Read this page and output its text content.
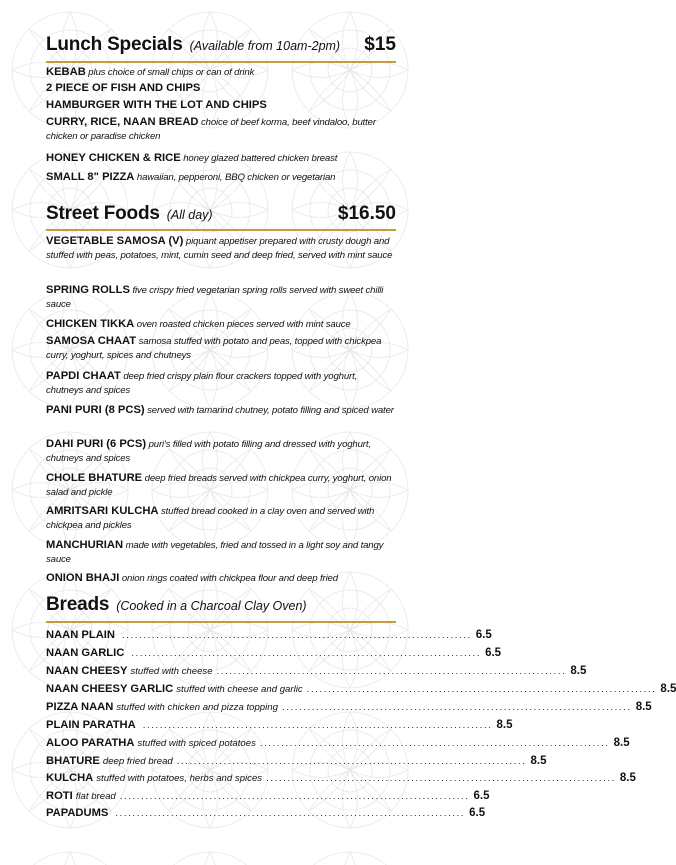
Lunch Specials (Available from 10am-2pm) $15
KEBAB plus choice of small chips or can of drink
2 PIECE OF FISH AND CHIPS
HAMBURGER WITH THE LOT AND CHIPS
CURRY, RICE, NAAN BREAD choice of beef korma, beef vindaloo, butter chicken or paradise chicken
HONEY CHICKEN & RICE honey glazed battered chicken breast
SMALL 8" PIZZA hawaiian, pepperoni, BBQ chicken or vegetarian
Street Foods (All day)	$16.50
VEGETABLE SAMOSA (V) piquant appetiser prepared with crusty dough and stuffed with peas, potatoes, mint, cumin seed and deep fried, served with mint sauce
SPRING ROLLS five crispy fried vegetarian spring rolls served with sweet chilli sauce
CHICKEN TIKKA oven roasted chicken pieces served with mint sauce
SAMOSA CHAAT samosa stuffed with potato and peas, topped with chickpea curry, yoghurt, spices and chutneys
PAPDI CHAAT deep fried crispy plain flour crackers topped with yoghurt, chutneys and spices
PANI PURI (8 PCS) served with tamarind chutney, potato filling and spiced water
DAHI PURI (6 PCS) puri's filled with potato filling and dressed with yoghurt, chutneys and spices
CHOLE BHATURE deep fried breads served with chickpea curry, yoghurt, onion salad and pickle
AMRITSARI KULCHA stuffed bread cooked in a clay oven and served with chickpea and pickles
MANCHURIAN made with vegetables, fried and tossed in a light soy and tangy sauce
ONION BHAJI onion rings coated with chickpea flour and deep fried
Breads (Cooked in a Charcoal Clay Oven)
NAAN PLAIN .................................................................................. 6.5
NAAN GARLIC .................................................................................. 6.5
NAAN CHEESY stuffed with cheese .................................................................................. 8.5
NAAN CHEESY GARLIC stuffed with cheese and garlic .................................................................................. 8.5
PIZZA NAAN stuffed with chicken and pizza topping .................................................................................. 8.5
PLAIN PARATHA .................................................................................. 8.5
ALOO PARATHA stuffed with spiced potatoes .................................................................................. 8.5
BHATURE deep fried bread .................................................................................. 8.5
KULCHA stuffed with potatoes, herbs and spices .................................................................................. 8.5
ROTI flat bread .................................................................................. 6.5
PAPADUMS .................................................................................. 6.5
